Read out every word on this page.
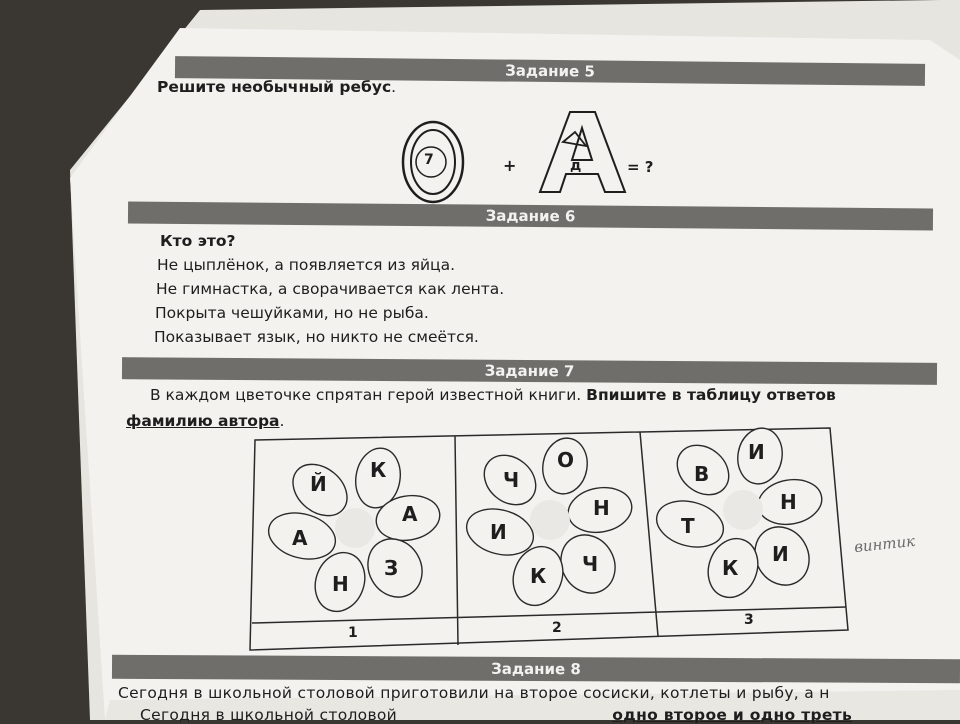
Задание 5
Решите необычный ребус.
7	+	д	= ?
Задание 6
Кто это?
Не цыплёнок, а появляется из яйца.
Не гимнастка, а сворачивается как лента.
Покрыта чешуйками, но не рыба.
Показывает язык, но никто не смеётся.
Задание 7
В каждом цветочке спрятан герой известной книги. Впишите в таблицу ответов
фамилию автора.
Й
К
А
З
Н
А
Ч
О
Н
Ч
К
И
В
И
Н
И
К
Т
1	2	3
винтик
Задание 8
Сегодня в школьной столовой приготовили на второе сосиски, котлеты и рыбу, а н
Сегодня в школьной столовой	одно второе и одно треть
